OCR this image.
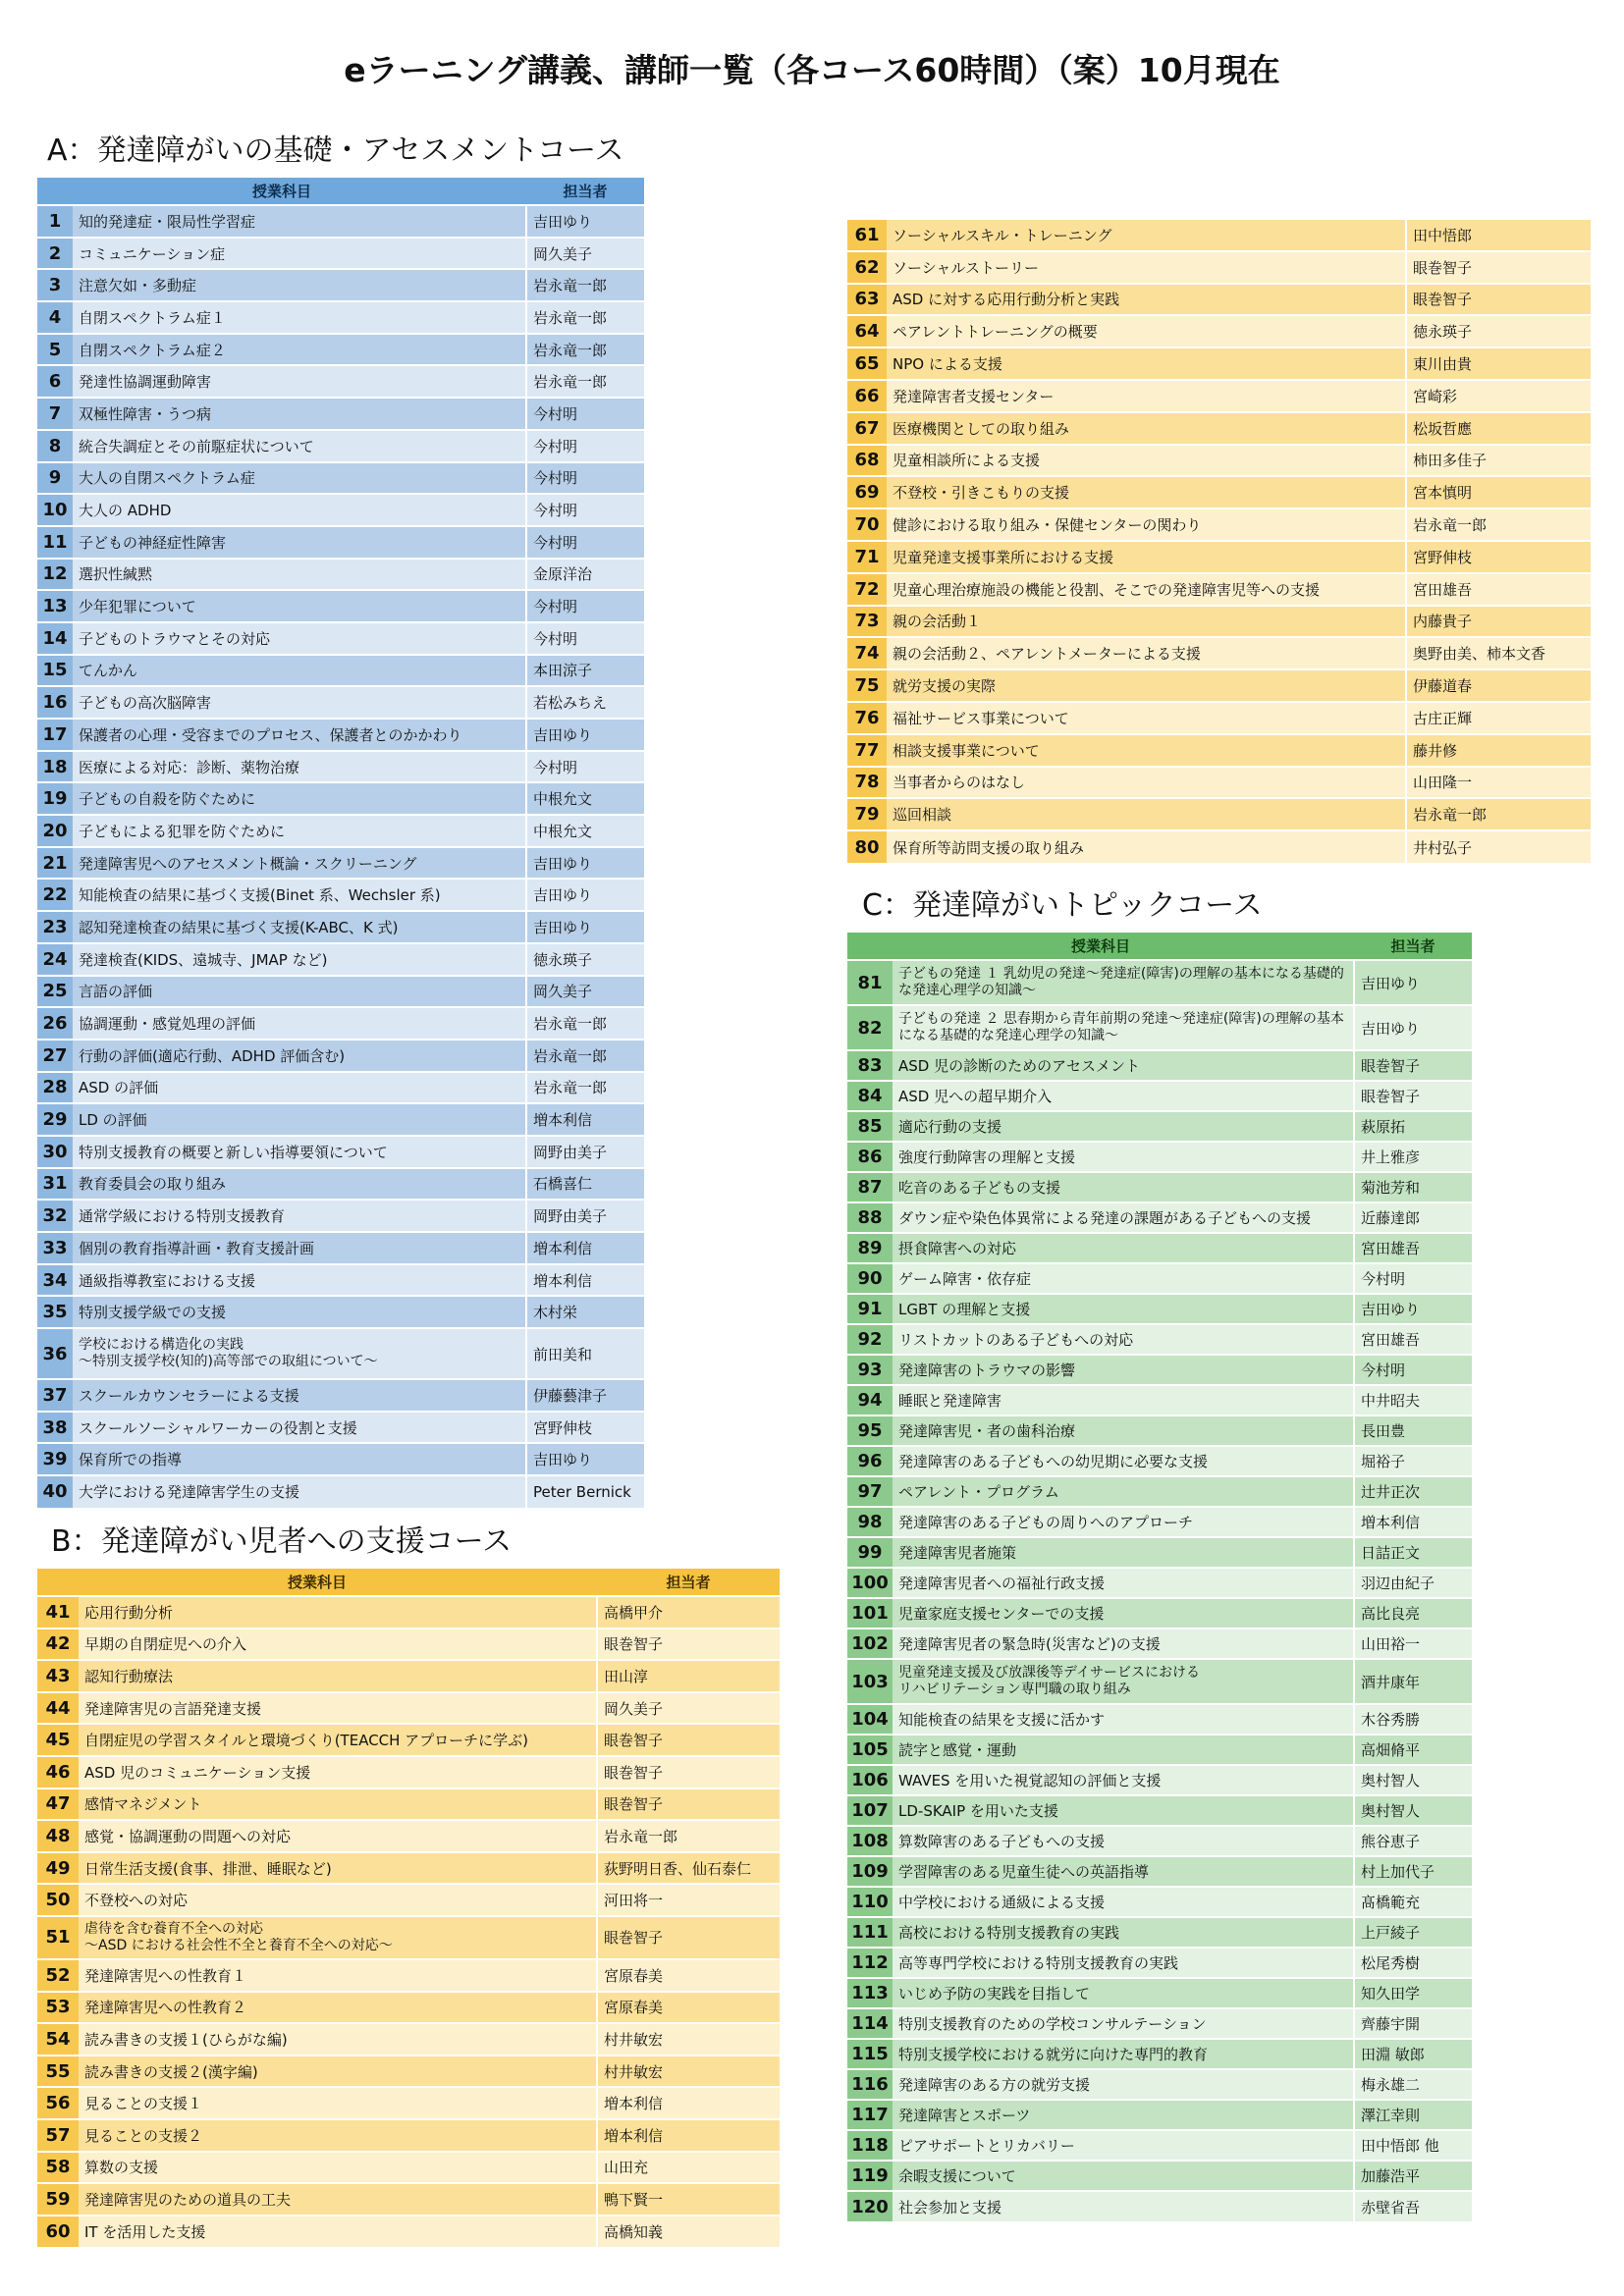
eラーニング講義、講師一覧（各コース60時間）（案）10月現在
A：発達障がいの基礎・アセスメントコース
授業科目		担当者
1	知的発達症・限局性学習症	吉田ゆり
2	コミュニケーション症	岡久美子
3	注意欠如・多動症	岩永竜一郎
4	自閉スペクトラム症１	岩永竜一郎
5	自閉スペクトラム症２	岩永竜一郎
6	発達性協調運動障害	岩永竜一郎
7	双極性障害・うつ病	今村明
8	統合失調症とその前駆症状について	今村明
9	大人の自閉スペクトラム症	今村明
10	大人の ADHD	今村明
11	子どもの神経症性障害	今村明
12	選択性緘黙	金原洋治
13	少年犯罪について	今村明
14	子どものトラウマとその対応	今村明
15	てんかん	本田涼子
16	子どもの高次脳障害	若松みちえ
17	保護者の心理・受容までのプロセス、保護者とのかかわり	吉田ゆり
18	医療による対応：診断、薬物治療	今村明
19	子どもの自殺を防ぐために	中根允文
20	子どもによる犯罪を防ぐために	中根允文
21	発達障害児へのアセスメント概論・スクリーニング	吉田ゆり
22	知能検査の結果に基づく支援(Binet 系、Wechsler 系)	吉田ゆり
23	認知発達検査の結果に基づく支援(K-ABC、K 式)	吉田ゆり
24	発達検査(KIDS、遠城寺、JMAP など)	徳永瑛子
25	言語の評価	岡久美子
26	協調運動・感覚処理の評価	岩永竜一郎
27	行動の評価(適応行動、ADHD 評価含む)	岩永竜一郎
28	ASD の評価	岩永竜一郎
29	LD の評価	増本利信
30	特別支援教育の概要と新しい指導要領について	岡野由美子
31	教育委員会の取り組み	石橋喜仁
32	通常学級における特別支援教育	岡野由美子
33	個別の教育指導計画・教育支援計画	増本利信
34	通級指導教室における支援	増本利信
35	特別支援学級での支援	木村栄
36	学校における構造化の実践
～特別支援学校(知的)高等部での取組について～	前田美和
37	スクールカウンセラーによる支援	伊藤藝津子
38	スクールソーシャルワーカーの役割と支援	宮野伸枝
39	保育所での指導	吉田ゆり
40	大学における発達障害学生の支援	Peter Bernick
B：発達障がい児者への支援コース
授業科目		担当者
41	応用行動分析	高橋甲介
42	早期の自閉症児への介入	眼巻智子
43	認知行動療法	田山淳
44	発達障害児の言語発達支援	岡久美子
45	自閉症児の学習スタイルと環境づくり(TEACCH アプローチに学ぶ)	眼巻智子
46	ASD 児のコミュニケーション支援	眼巻智子
47	感情マネジメント	眼巻智子
48	感覚・協調運動の問題への対応	岩永竜一郎
49	日常生活支援(食事、排泄、睡眠など)	荻野明日香、仙石泰仁
50	不登校への対応	河田将一
51	虐待を含む養育不全への対応
～ASD における社会性不全と養育不全への対応～	眼巻智子
52	発達障害児への性教育１	宮原春美
53	発達障害児への性教育２	宮原春美
54	読み書きの支援１(ひらがな編)	村井敏宏
55	読み書きの支援２(漢字編)	村井敏宏
56	見ることの支援１	増本利信
57	見ることの支援２	増本利信
58	算数の支援	山田充
59	発達障害児のための道具の工夫	鴨下賢一
60	IT を活用した支援	高橋知義
61	ソーシャルスキル・トレーニング	田中悟郎
62	ソーシャルストーリー	眼巻智子
63	ASD に対する応用行動分析と実践	眼巻智子
64	ペアレントトレーニングの概要	徳永瑛子
65	NPO による支援	東川由貴
66	発達障害者支援センター	宮崎彩
67	医療機関としての取り組み	松坂哲應
68	児童相談所による支援	柿田多佳子
69	不登校・引きこもりの支援	宮本慎明
70	健診における取り組み・保健センターの関わり	岩永竜一郎
71	児童発達支援事業所における支援	宮野伸枝
72	児童心理治療施設の機能と役割、そこでの発達障害児等への支援	宮田雄吾
73	親の会活動１	内藤貴子
74	親の会活動２、ペアレントメーターによる支援	奥野由美、柿本文香
75	就労支援の実際	伊藤道春
76	福祉サービス事業について	古庄正輝
77	相談支援事業について	藤井修
78	当事者からのはなし	山田隆一
79	巡回相談	岩永竜一郎
80	保育所等訪問支援の取り組み	井村弘子
C：発達障がいトピックコース
授業科目		担当者
81	子どもの発達 １ 乳幼児の発達～発達症(障害)の理解の基本になる基礎的な発達心理学の知識～	吉田ゆり
82	子どもの発達 ２ 思春期から青年前期の発達～発達症(障害)の理解の基本になる基礎的な発達心理学の知識～	吉田ゆり
83	ASD 児の診断のためのアセスメント	眼巻智子
84	ASD 児への超早期介入	眼巻智子
85	適応行動の支援	萩原拓
86	強度行動障害の理解と支援	井上雅彦
87	吃音のある子どもの支援	菊池芳和
88	ダウン症や染色体異常による発達の課題がある子どもへの支援	近藤達郎
89	摂食障害への対応	宮田雄吾
90	ゲーム障害・依存症	今村明
91	LGBT の理解と支援	吉田ゆり
92	リストカットのある子どもへの対応	宮田雄吾
93	発達障害のトラウマの影響	今村明
94	睡眠と発達障害	中井昭夫
95	発達障害児・者の歯科治療	長田豊
96	発達障害のある子どもへの幼児期に必要な支援	堀裕子
97	ペアレント・プログラム	辻井正次
98	発達障害のある子どもの周りへのアプローチ	増本利信
99	発達障害児者施策	日詰正文
100	発達障害児者への福祉行政支援	羽辺由紀子
101	児童家庭支援センターでの支援	高比良亮
102	発達障害児者の緊急時(災害など)の支援	山田裕一
103	児童発達支援及び放課後等デイサービスにおける
リハビリテーション専門職の取り組み	酒井康年
104	知能検査の結果を支援に活かす	木谷秀勝
105	読字と感覚・運動	高畑脩平
106	WAVES を用いた視覚認知の評価と支援	奥村智人
107	LD-SKAIP を用いた支援	奥村智人
108	算数障害のある子どもへの支援	熊谷恵子
109	学習障害のある児童生徒への英語指導	村上加代子
110	中学校における通級による支援	髙橋範充
111	高校における特別支援教育の実践	上戸綾子
112	高等専門学校における特別支援教育の実践	松尾秀樹
113	いじめ予防の実践を目指して	知久田学
114	特別支援教育のための学校コンサルテーション	齊藤宇開
115	特別支援学校における就労に向けた専門的教育	田淵 敏郎
116	発達障害のある方の就労支援	梅永雄二
117	発達障害とスポーツ	澤江幸則
118	ピアサポートとリカバリー	田中悟郎 他
119	余暇支援について	加藤浩平
120	社会参加と支援	赤壁省吾
